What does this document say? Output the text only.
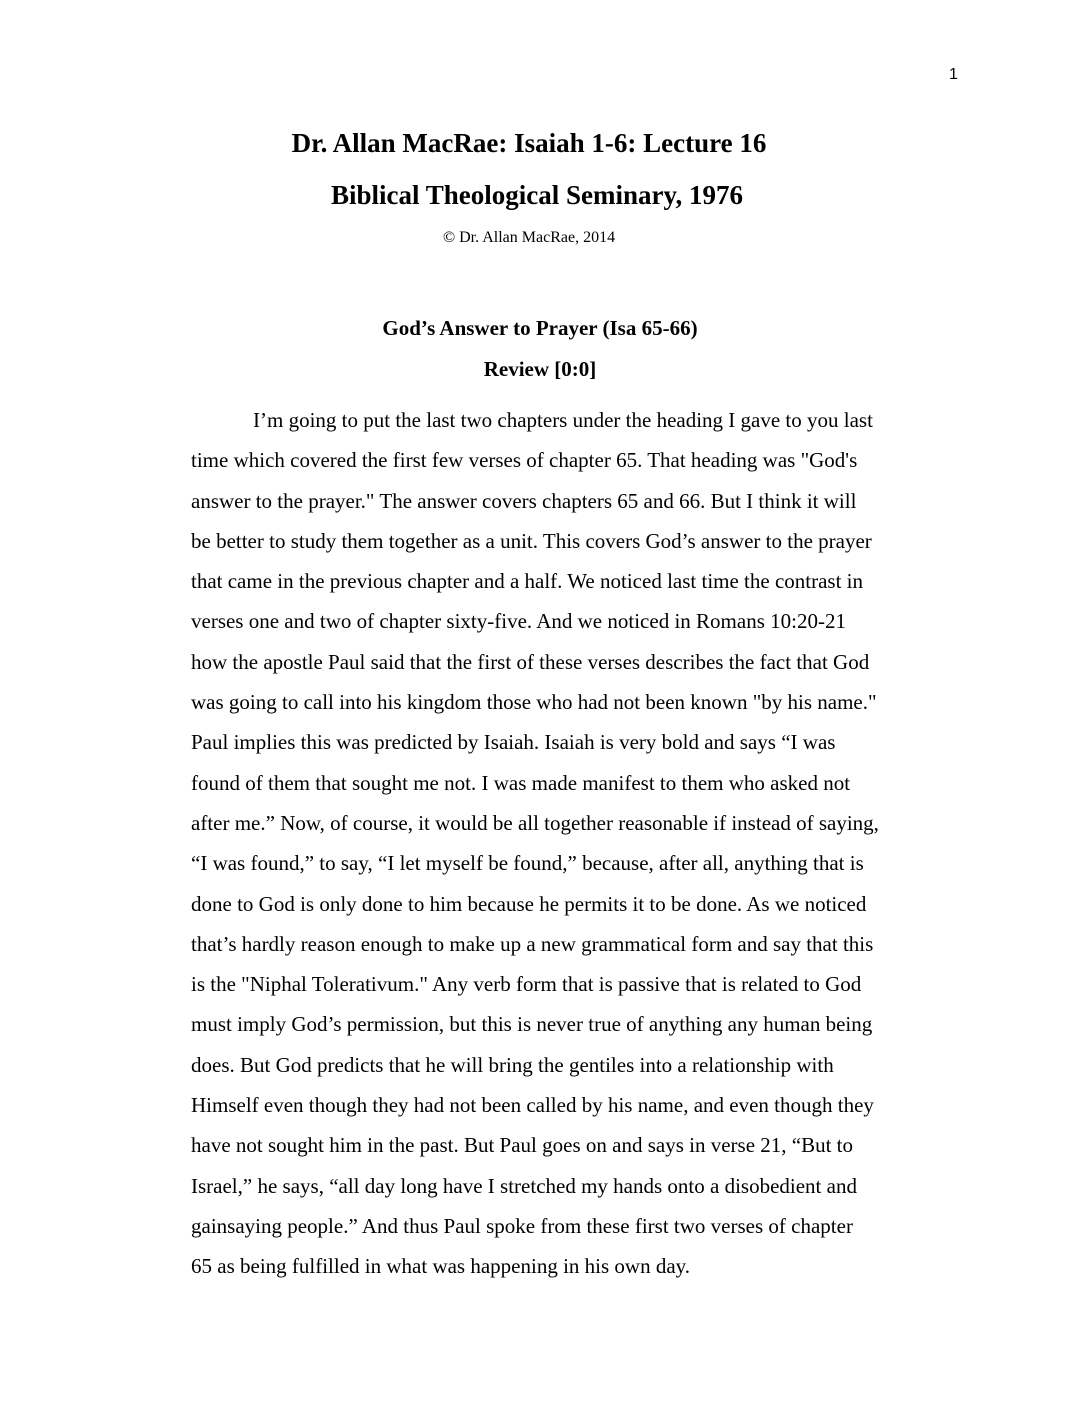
1
Dr. Allan MacRae: Isaiah 1-6: Lecture 16
Biblical Theological Seminary, 1976
© Dr. Allan MacRae, 2014
God’s Answer to Prayer (Isa 65-66)
Review [0:0]
I’m going to put the last two chapters under the heading I gave to you last
time which covered the first few verses of chapter 65. That heading was "God's
answer to the prayer." The answer covers chapters 65 and 66. But I think it will
be better to study them together as a unit. This covers God’s answer to the prayer
that came in the previous chapter and a half. We noticed last time the contrast in
verses one and two of chapter sixty-five. And we noticed in Romans 10:20-21
how the apostle Paul said that the first of these verses describes the fact that God
was going to call into his kingdom those who had not been known "by his name."
Paul implies this was predicted by Isaiah. Isaiah is very bold and says “I was
found of them that sought me not. I was made manifest to them who asked not
after me.” Now, of course, it would be all together reasonable if instead of saying,
“I was found,” to say, “I let myself be found,” because, after all, anything that is
done to God is only done to him because he permits it to be done. As we noticed
that’s hardly reason enough to make up a new grammatical form and say that this
is the "Niphal Tolerativum." Any verb form that is passive that is related to God
must imply God’s permission, but this is never true of anything any human being
does. But God predicts that he will bring the gentiles into a relationship with
Himself even though they had not been called by his name, and even though they
have not sought him in the past. But Paul goes on and says in verse 21, “But to
Israel,” he says, “all day long have I stretched my hands onto a disobedient and
gainsaying people.” And thus Paul spoke from these first two verses of chapter
65 as being fulfilled in what was happening in his own day.
